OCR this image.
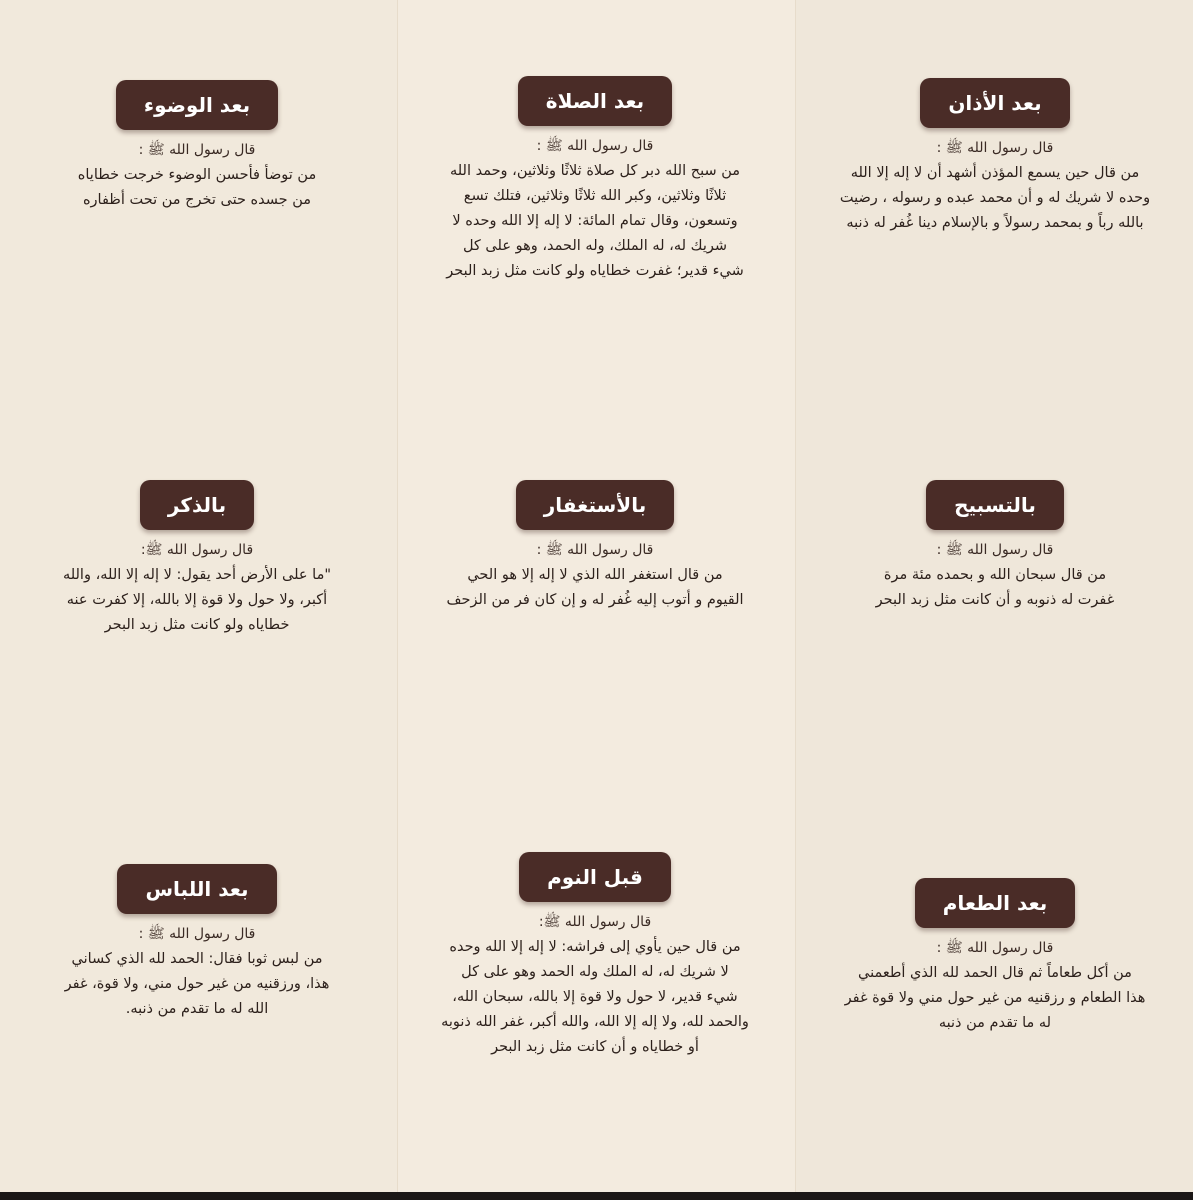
بعد الأذان
قال رسول الله ﷺ :
من قال حين يسمع المؤذن أشهد أن لا إله إلا الله
وحده لا شريك له و أن محمد عبده و رسوله ، رضيت
بالله رباً و بمحمد رسولاً و بالإسلام دينا غُفر له ذنبه
بعد الصلاة
قال رسول الله ﷺ :
من سبح الله دبر كل صلاة ثلاثًا وثلاثين، وحمد الله
ثلاثًا وثلاثين، وكبر الله ثلاثًا وثلاثين، فتلك تسع
وتسعون، وقال تمام المائة: لا إله إلا الله وحده لا
شريك له، له الملك، وله الحمد، وهو على كل
شيء قدير؛ غفرت خطاياه ولو كانت مثل زبد البحر
بعد الوضوء
قال رسول الله ﷺ :
من توضأ فأحسن الوضوء خرجت خطاياه
من جسده حتى تخرج من تحت أظفاره
بالتسبيح
قال رسول الله ﷺ :
من قال سبحان الله و بحمده مئة مرة
غفرت له ذنوبه و أن كانت مثل زبد البحر
بالأستغفار
قال رسول الله ﷺ :
من قال استغفر الله الذي لا إله إلا هو الحي
القيوم و أتوب إليه غُفر له و إن كان فر من الزحف
بالذكر
قال رسول الله ﷺ:
"ما على الأرض أحد يقول: لا إله إلا الله، والله
أكبر، ولا حول ولا قوة إلا بالله، إلا كفرت عنه
خطاياه ولو كانت مثل زبد البحر
بعد الطعام
قال رسول الله ﷺ :
من أكل طعاماً ثم قال الحمد لله الذي أطعمني
هذا الطعام و رزقنيه من غير حول مني ولا قوة غفر
له ما تقدم من ذنبه
قبل النوم
قال رسول الله ﷺ:
من قال حين يأوي إلى فراشه: لا إله إلا الله وحده
لا شريك له، له الملك وله الحمد وهو على كل
شيء قدير، لا حول ولا قوة إلا بالله، سبحان الله،
والحمد لله، ولا إله إلا الله، والله أكبر، غفر الله ذنوبه
أو خطاياه و أن كانت مثل زبد البحر
بعد اللباس
قال رسول الله ﷺ :
من لبس ثوبا فقال: الحمد لله الذي كساني
هذا، ورزقنيه من غير حول مني، ولا قوة، غفر
الله له ما تقدم من ذنبه.
